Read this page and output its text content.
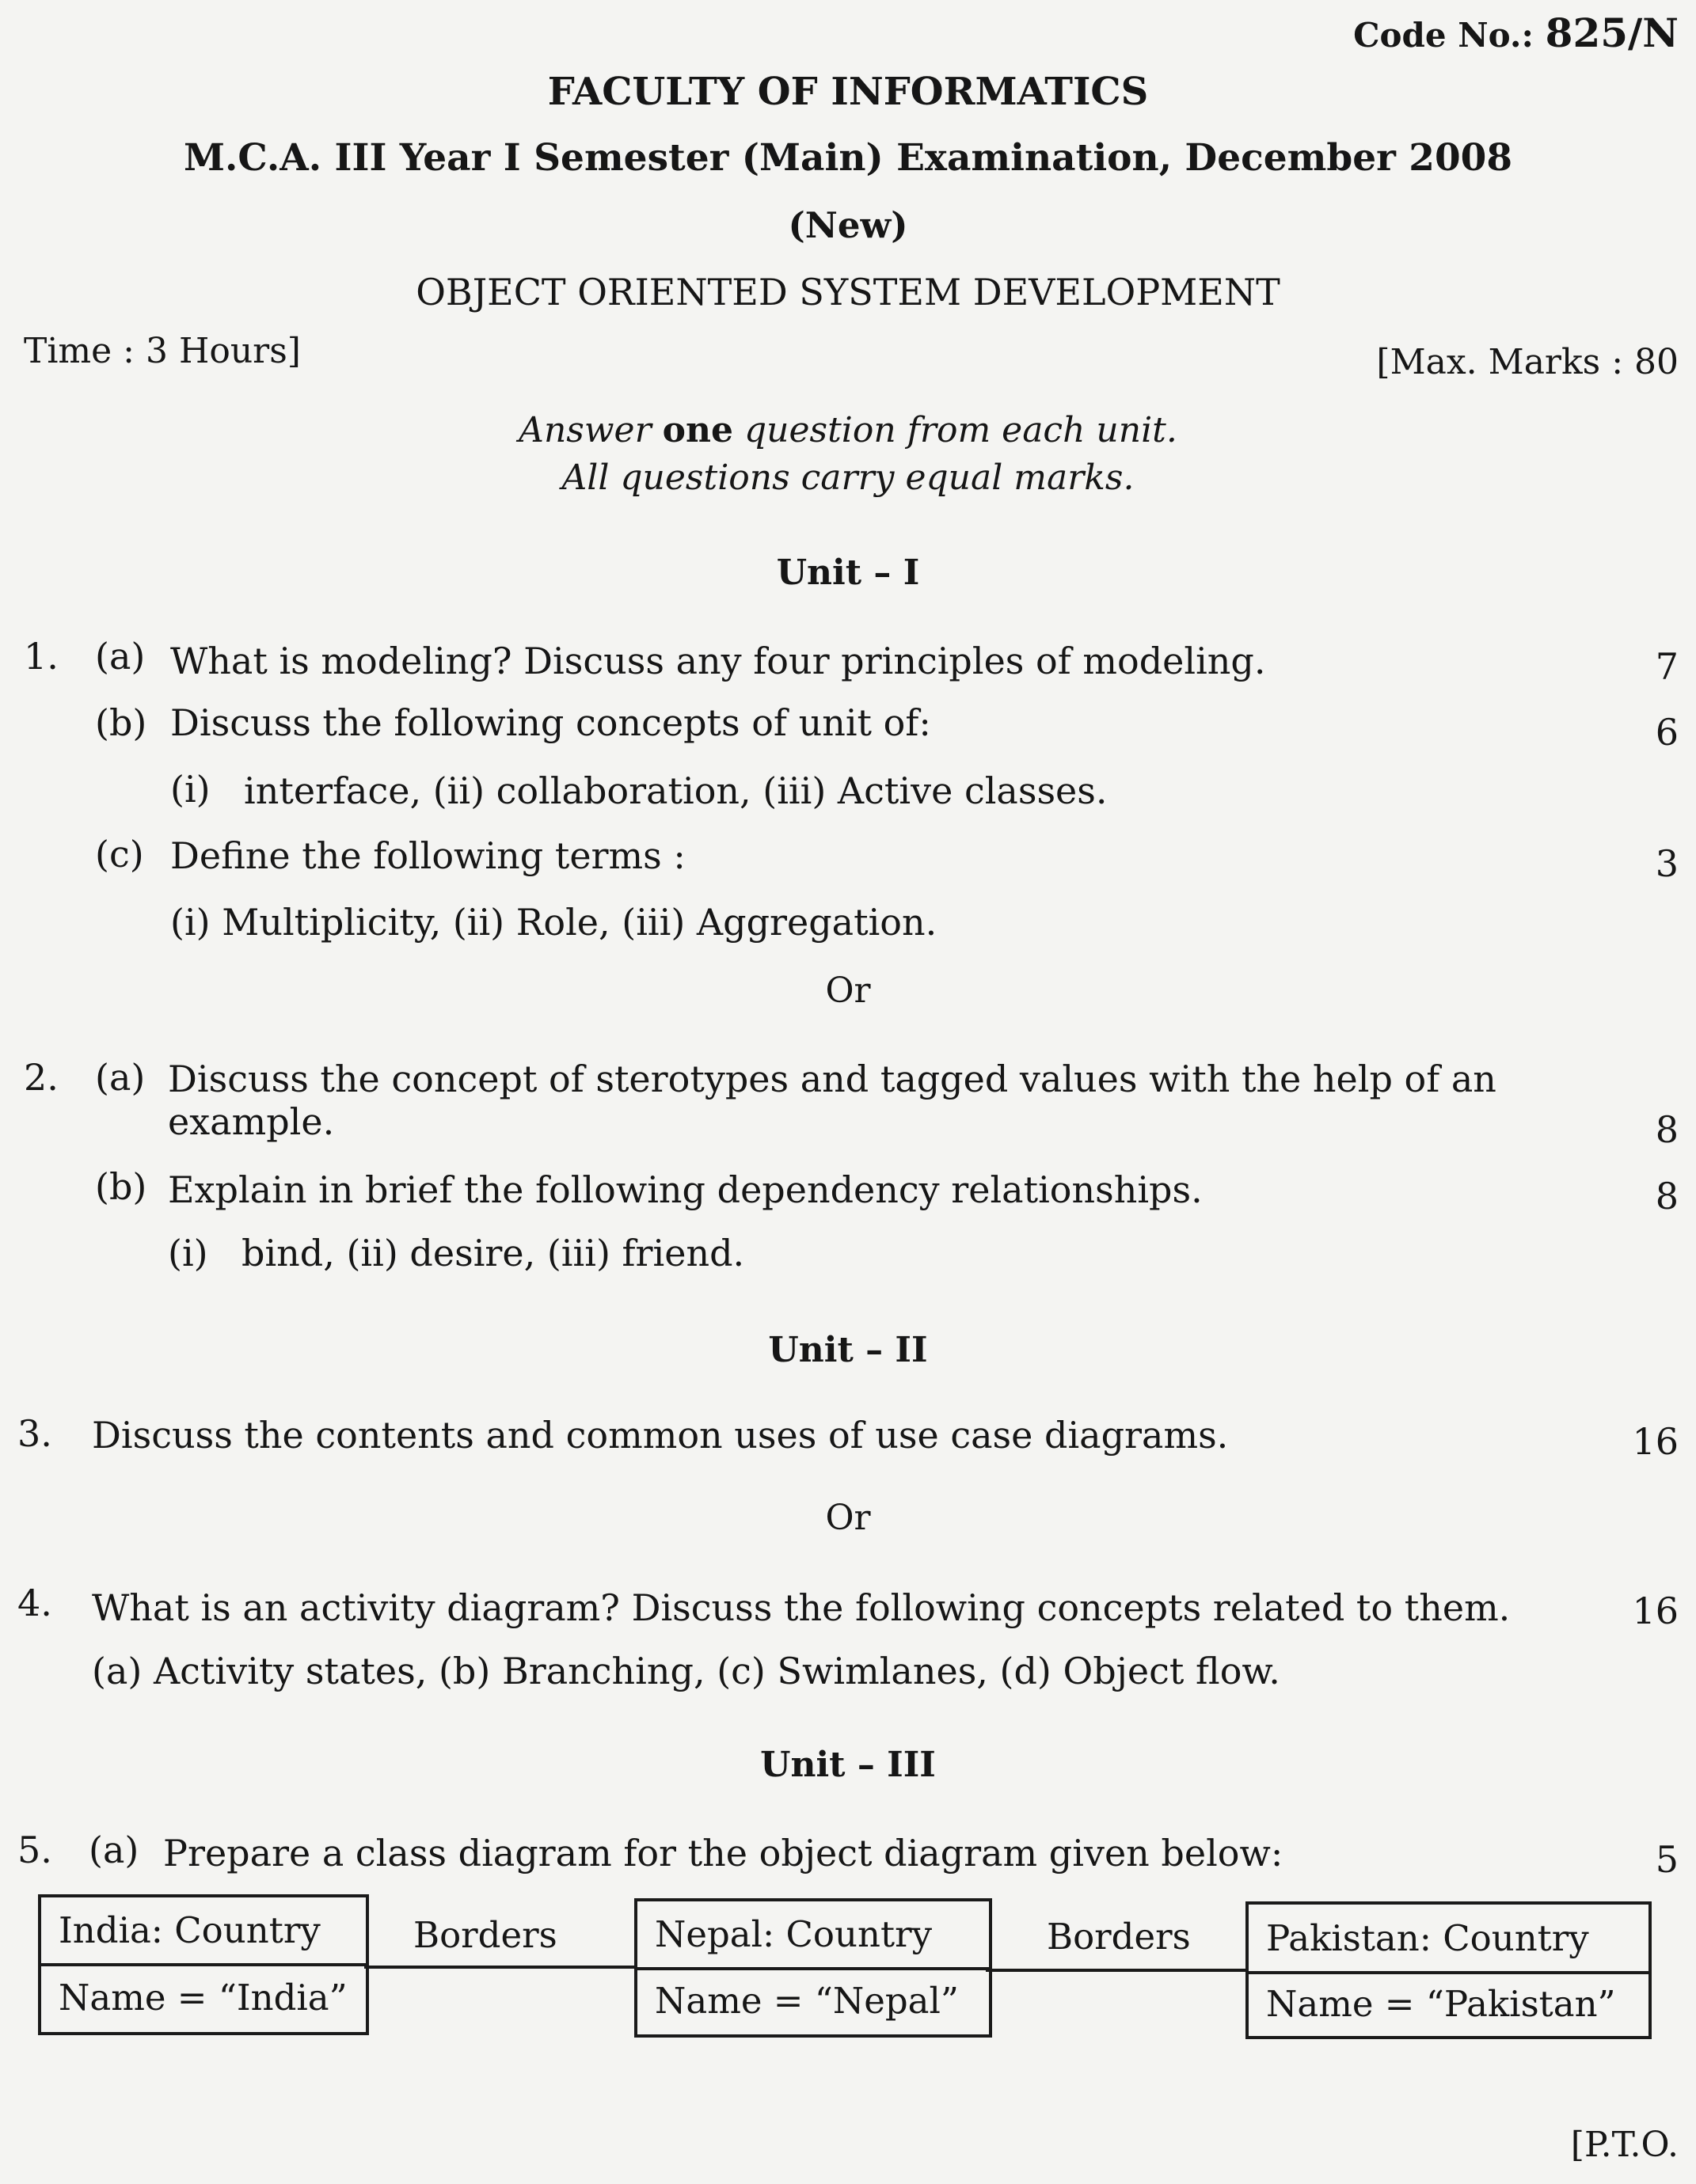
Code No.: 825/N
FACULTY OF INFORMATICS
M.C.A. III Year I Semester (Main) Examination, December 2008
(New)
OBJECT ORIENTED SYSTEM DEVELOPMENT
Time : 3 Hours]	[Max. Marks : 80
Answer one question from each unit.
All questions carry equal marks.
Unit – I
1. (a) What is modeling? Discuss any four principles of modeling.	7
(b) Discuss the following concepts of unit of:	6
(i) interface, (ii) collaboration, (iii) Active classes.
(c) Define the following terms :	3
(i) Multiplicity, (ii) Role, (iii) Aggregation.
Or
2. (a) Discuss the concept of sterotypes and tagged values with the help of an
example.	8
(b) Explain in brief the following dependency relationships.	8
(i) bind, (ii) desire, (iii) friend.
Unit – II
3. Discuss the contents and common uses of use case diagrams.	16
Or
4. What is an activity diagram? Discuss the following concepts related to them.	16
(a) Activity states, (b) Branching, (c) Swimlanes, (d) Object flow.
Unit – III
5. (a) Prepare a class diagram for the object diagram given below:	5
Borders	Borders
India: Country
Name = “India”
Nepal: Country
Name = “Nepal”
Pakistan: Country
Name = “Pakistan”
[P.T.O.
